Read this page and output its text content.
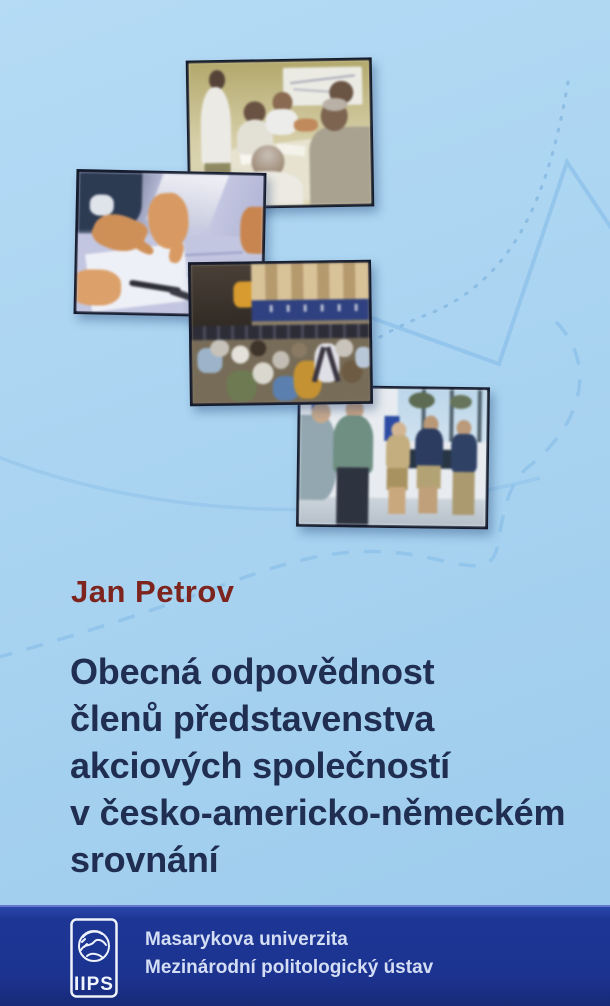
Jan Petrov
Obecná odpovědnost
členů představenstva
akciových společností
v česko-americko-německém
srovnání
IIPS
Masarykova univerzita
Mezinárodní politologický ústav
